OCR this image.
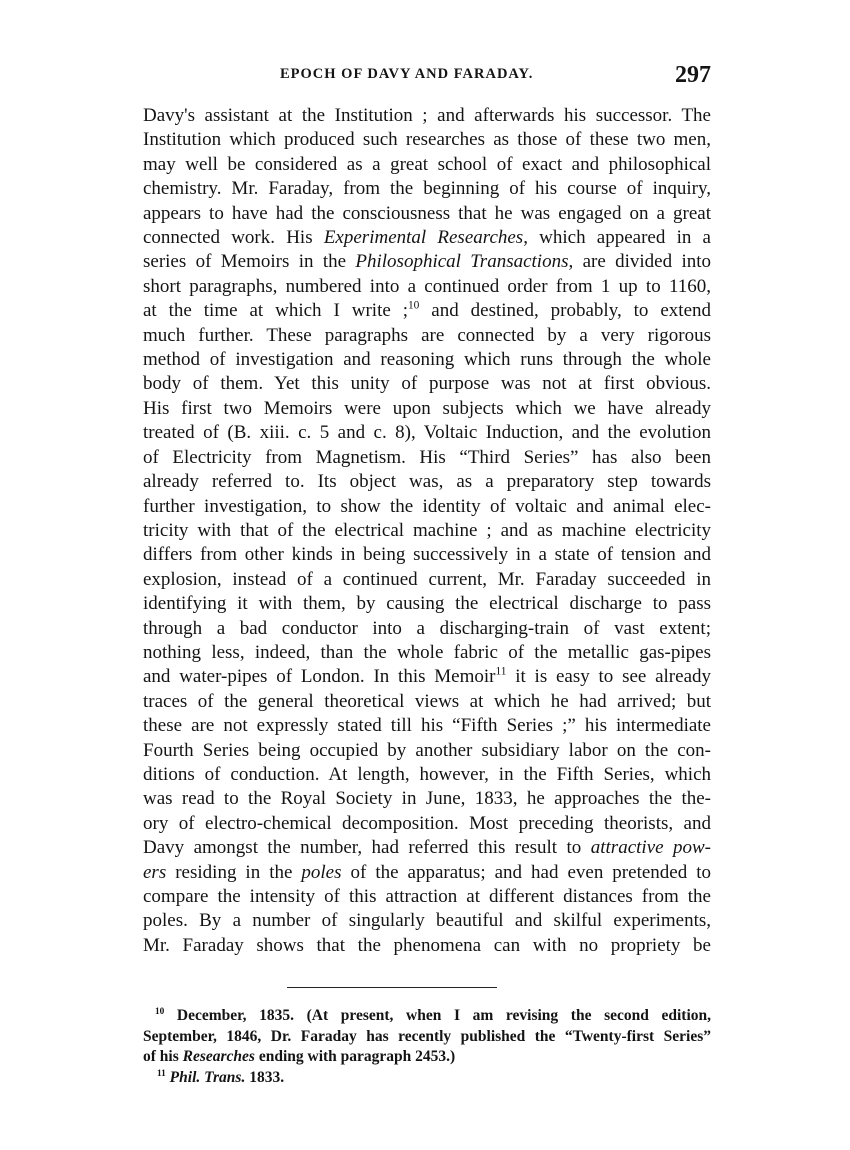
EPOCH OF DAVY AND FARADAY.	297
Davy's assistant at the Institution ; and afterwards his successor. The
Institution which produced such researches as those of these two men,
may well be considered as a great school of exact and philosophical
chemistry. Mr. Faraday, from the beginning of his course of inquiry,
appears to have had the consciousness that he was engaged on a great
connected work. His Experimental Researches, which appeared in a
series of Memoirs in the Philosophical Transactions, are divided into
short paragraphs, numbered into a continued order from 1 up to 1160,
at the time at which I write ;$^{10}$ and destined, probably, to extend
much further. These paragraphs are connected by a very rigorous
method of investigation and reasoning which runs through the whole
body of them. Yet this unity of purpose was not at first obvious.
His first two Memoirs were upon subjects which we have already
treated of (B. xiii. c. 5 and c. 8), Voltaic Induction, and the evolution
of Electricity from Magnetism. His “Third Series” has also been
already referred to. Its object was, as a preparatory step towards
further investigation, to show the identity of voltaic and animal elec-
tricity with that of the electrical machine ; and as machine electricity
differs from other kinds in being successively in a state of tension and
explosion, instead of a continued current, Mr. Faraday succeeded in
identifying it with them, by causing the electrical discharge to pass
through a bad conductor into a discharging-train of vast extent;
nothing less, indeed, than the whole fabric of the metallic gas-pipes
and water-pipes of London. In this Memoir$^{11}$ it is easy to see already
traces of the general theoretical views at which he had arrived; but
these are not expressly stated till his “Fifth Series ;” his intermediate
Fourth Series being occupied by another subsidiary labor on the con-
ditions of conduction. At length, however, in the Fifth Series, which
was read to the Royal Society in June, 1833, he approaches the the-
ory of electro-chemical decomposition. Most preceding theorists, and
Davy amongst the number, had referred this result to attractive pow-
ers residing in the poles of the apparatus; and had even pretended to
compare the intensity of this attraction at different distances from the
poles. By a number of singularly beautiful and skilful experiments,
Mr. Faraday shows that the phenomena can with no propriety be
$^{10}$ December, 1835. (At present, when I am revising the second edition,
September, 1846, Dr. Faraday has recently published the “Twenty-first Series”
of his Researches ending with paragraph 2453.)
$^{11}$ Phil. Trans. 1833.
